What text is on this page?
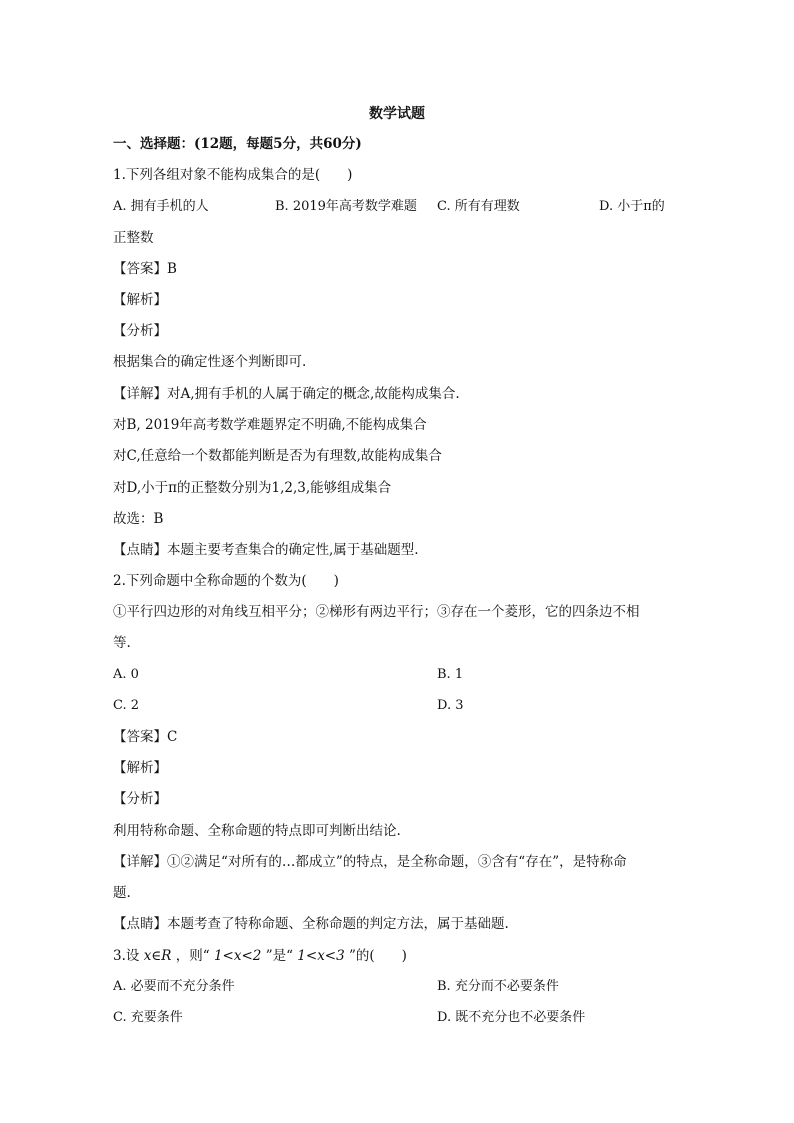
数学试题
一、选择题：(12题，每题5分，共60分)
1.下列各组对象不能构成集合的是(　　)
A. 拥有手机的人	B. 2019年高考数学难题 C. 所有有理数	D. 小于π的
正整数
【答案】B
【解析】
【分析】
根据集合的确定性逐个判断即可.
【详解】对A,拥有手机的人属于确定的概念,故能构成集合.
对B, 2019年高考数学难题界定不明确,不能构成集合
对C,任意给一个数都能判断是否为有理数,故能构成集合
对D,小于π的正整数分别为1,2,3,能够组成集合
故选：B
【点睛】本题主要考查集合的确定性,属于基础题型.
2.下列命题中全称命题的个数为(　　)
①平行四边形的对角线互相平分；②梯形有两边平行；③存在一个菱形，它的四条边不相
等.
A. 0	B. 1
C. 2	D. 3
【答案】C
【解析】
【分析】
利用特称命题、全称命题的特点即可判断出结论.
【详解】①②满足“对所有的…都成立”的特点，是全称命题，③含有“存在”，是特称命
题.
【点睛】本题考查了特称命题、全称命题的判定方法，属于基础题.
3.设 x∈R ，则“ 1<x<2 ”是“ 1<x<3 ”的(　　)
A. 必要而不充分条件	B. 充分而不必要条件
C. 充要条件	D. 既不充分也不必要条件
